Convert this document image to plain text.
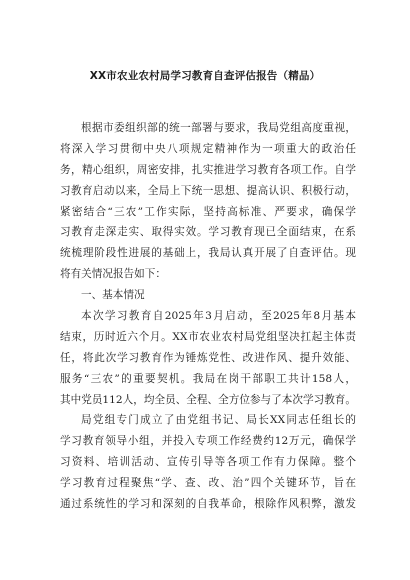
XX市农业农村局学习教育自查评估报告（精品）
根据市委组织部的统一部署与要求，我局党组高度重视，
将深入学习贯彻中央八项规定精神作为一项重大的政治任
务，精心组织，周密安排，扎实推进学习教育各项工作。自学
习教育启动以来，全局上下统一思想、提高认识、积极行动，
紧密结合“三农”工作实际，坚持高标准、严要求，确保学
习教育走深走实、取得实效。学习教育现已全面结束，在系
统梳理阶段性进展的基础上，我局认真开展了自查评估。现
将有关情况报告如下：
一、基本情况
本次学习教育自2025年3月启动，至2025年8月基本
结束，历时近六个月。XX市农业农村局党组坚决扛起主体责
任，将此次学习教育作为锤炼党性、改进作风、提升效能、
服务“三农”的重要契机。我局在岗干部职工共计158人，
其中党员112人，均全员、全程、全方位参与了本次学习教育。
局党组专门成立了由党组书记、局长XX同志任组长的
学习教育领导小组，并投入专项工作经费约12万元，确保学
习资料、培训活动、宣传引导等各项工作有力保障。整个
学习教育过程聚焦“学、查、改、治”四个关键环节，旨在
通过系统性的学习和深刻的自我革命，根除作风积弊，激发
